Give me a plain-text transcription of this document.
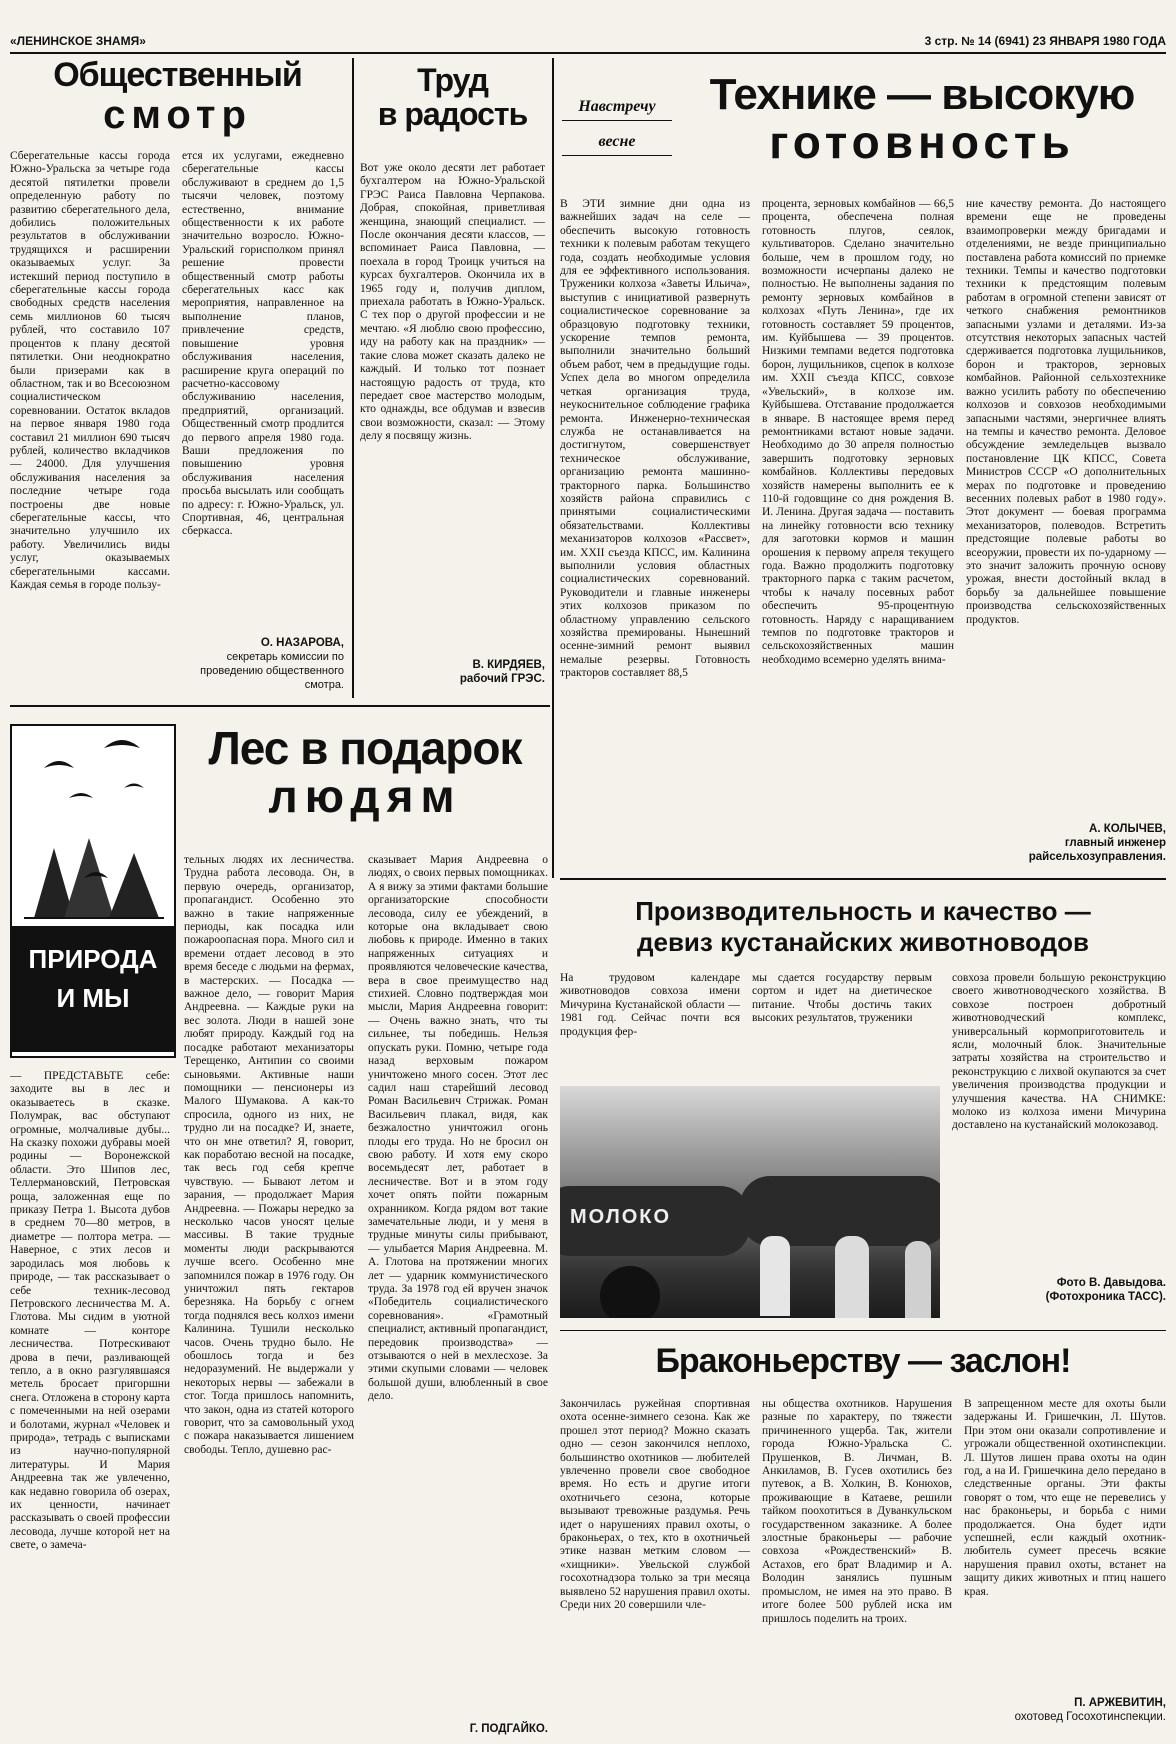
«ЛЕНИНСКОЕ ЗНАМЯ»	3 стр. № 14 (6941) 23 ЯНВАРЯ 1980 ГОДА
Общественный
смотр
Сберегательные кассы города Южно-Уральска за четыре года десятой пятилетки провели определенную работу по развитию сберегательного дела, добились положительных результатов в обслуживании трудящихся и расширении оказываемых услуг. За истекший период поступило в сберегательные кассы города свободных средств населения семь миллионов 60 тысяч рублей, что составило 107 процентов к плану десятой пятилетки. Они неоднократно были призерами как в областном, так и во Всесоюзном социалистическом соревновании. Остаток вкладов на первое января 1980 года составил 21 миллион 690 тысяч рублей, количество вкладчиков — 24000. Для улучшения обслуживания населения за последние четыре года построены две новые сберегательные кассы, что значительно улучшило их работу. Увеличились виды услуг, оказываемых сберегательными кассами. Каждая семья в городе пользу-
ется их услугами, ежедневно сберегательные кассы обслуживают в среднем до 1,5 тысячи человек, поэтому естественно, внимание общественности к их работе значительно возросло. Южно-Уральский горисполком принял решение провести общественный смотр работы сберегательных касс как мероприятия, направленное на выполнение планов, привлечение средств, повышение уровня обслуживания населения, расширение круга операций по расчетно-кассовому обслуживанию населения, предприятий, организаций. Общественный смотр продлится до первого апреля 1980 года. Ваши предложения по повышению уровня обслуживания населения просьба высылать или сообщать по адресу: г. Южно-Уральск, ул. Спортивная, 46, центральная сберкасса.
О. НАЗАРОВА,
секретарь комиссии по проведению общественного смотра.
Труд
в радость
Вот уже около десяти лет работает бухгалтером на Южно-Уральской ГРЭС Раиса Павловна Черпакова. Добрая, спокойная, приветливая женщина, знающий специалист. — После окончания десяти классов, — вспоминает Раиса Павловна, — поехала в город Троицк учиться на курсах бухгалтеров. Окончила их в 1965 году и, получив диплом, приехала работать в Южно-Уральск. С тех пор о другой профессии и не мечтаю. «Я люблю свою профессию, иду на работу как на праздник» — такие слова может сказать далеко не каждый. И только тот познает настоящую радость от труда, кто передает свое мастерство молодым, кто однажды, все обдумав и взвесив свои возможности, сказал: — Этому делу я посвящу жизнь.
В. КИРДЯЕВ,
рабочий ГРЭС.
Навстречу
весне
Технике — высокую
готовность
В ЭТИ зимние дни одна из важнейших задач на селе — обеспечить высокую готовность техники к полевым работам текущего года, создать необходимые условия для ее эффективного использования. Труженики колхоза «Заветы Ильича», выступив с инициативой развернуть социалистическое соревнование за образцовую подготовку техники, ускорение темпов ремонта, выполнили значительно больший объем работ, чем в предыдущие годы. Успех дела во многом определила четкая организация труда, неукоснительное соблюдение графика ремонта. Инженерно-техническая служба не останавливается на достигнутом, совершенствует техническое обслуживание, организацию ремонта машинно-тракторного парка. Большинство хозяйств района справились с принятыми социалистическими обязательствами. Коллективы механизаторов колхозов «Рассвет», им. XXII съезда КПСС, им. Калинина выполнили условия областных социалистических соревнований. Руководители и главные инженеры этих колхозов приказом по областному управлению сельского хозяйства премированы. Нынешний осенне-зимний ремонт выявил немалые резервы. Готовность тракторов составляет 88,5
процента, зерновых комбайнов — 66,5 процента, обеспечена полная готовность плугов, сеялок, культиваторов. Сделано значительно больше, чем в прошлом году, но возможности исчерпаны далеко не полностью. Не выполнены задания по ремонту зерновых комбайнов в колхозах «Путь Ленина», где их готовность составляет 59 процентов, им. Куйбышева — 39 процентов. Низкими темпами ведется подготовка борон, лущильников, сцепок в колхозе им. XXII съезда КПСС, совхозе «Увельский», в колхозе им. Куйбышева. Отставание продолжается в январе. В настоящее время перед ремонтниками встают новые задачи. Необходимо до 30 апреля полностью завершить подготовку зерновых комбайнов. Коллективы передовых хозяйств намерены выполнить ее к 110-й годовщине со дня рождения В. И. Ленина. Другая задача — поставить на линейку готовности всю технику для заготовки кормов и машин орошения к первому апреля текущего года. Важно продолжить подготовку тракторного парка с таким расчетом, чтобы к началу посевных работ обеспечить 95-процентную готовность. Наряду с наращиванием темпов по подготовке тракторов и сельскохозяйственных машин необходимо всемерно уделять внима-
ние качеству ремонта. До настоящего времени еще не проведены взаимопроверки между бригадами и отделениями, не везде принципиально поставлена работа комиссий по приемке техники. Темпы и качество подготовки техники к предстоящим полевым работам в огромной степени зависят от четкого снабжения ремонтников запасными узлами и деталями. Из-за отсутствия некоторых запасных частей сдерживается подготовка лущильников, борон и тракторов, зерновых комбайнов. Районной сельхозтехнике важно усилить работу по обеспечению колхозов и совхозов необходимыми запасными частями, энергичнее влиять на темпы и качество ремонта. Деловое обсуждение земледельцев вызвало постановление ЦК КПСС, Совета Министров СССР «О дополнительных мерах по подготовке и проведению весенних полевых работ в 1980 году». Этот документ — боевая программа механизаторов, полеводов. Встретить предстоящие полевые работы во всеоружии, провести их по-ударному — это значит заложить прочную основу урожая, внести достойный вклад в борьбу за дальнейшее повышение производства сельскохозяйственных продуктов.
А. КОЛЫЧЕВ,
главный инженер райсельхозуправления.
ПРИРОДА
И МЫ
Лес в подарок
людям
— ПРЕДСТАВЬТЕ себе: заходите вы в лес и оказываетесь в сказке. Полумрак, вас обступают огромные, молчаливые дубы... На сказку похожи дубравы моей родины — Воронежской области. Это Шипов лес, Теллермановский, Петровская роща, заложенная еще по приказу Петра 1. Высота дубов в среднем 70—80 метров, в диаметре — полтора метра. — Наверное, с этих лесов и зародилась моя любовь к природе, — так рассказывает о себе техник-лесовод Петровского лесничества М. А. Глотова. Мы сидим в уютной комнате — конторе лесничества. Потрескивают дрова в печи, разливающей тепло, а в окно разгулявшаяся метель бросает пригоршни снега. Отложена в сторону карта с помеченными на ней озерами и болотами, журнал «Человек и природа», тетрадь с выписками из научно-популярной литературы. И Мария Андреевна так же увлеченно, как недавно говорила об озерах, их ценности, начинает рассказывать о своей профессии лесовода, лучше которой нет на свете, о замеча-
тельных людях их лесничества. Трудна работа лесовода. Он, в первую очередь, организатор, пропагандист. Особенно это важно в такие напряженные периоды, как посадка или пожароопасная пора. Много сил и времени отдает лесовод в это время беседе с людьми на фермах, в мастерских. — Посадка — важное дело, — говорит Мария Андреевна. — Каждые руки на вес золота. Люди в нашей зоне любят природу. Каждый год на посадке работают механизаторы Терещенко, Антипин со своими сыновьями. Активные наши помощники — пенсионеры из Малого Шумакова. А как-то спросила, одного из них, не трудно ли на посадке? И, знаете, что он мне ответил? Я, говорит, как поработаю весной на посадке, так весь год себя крепче чувствую. — Бывают летом и зарания, — продолжает Мария Андреевна. — Пожары нередко за несколько часов уносят целые массивы. В такие трудные моменты люди раскрываются лучше всего. Особенно мне запомнился пожар в 1976 году. Он уничтожил пять гектаров березняка. На борьбу с огнем тогда поднялся весь колхоз имени Калинина. Тушили несколько часов. Очень трудно было. Не обошлось тогда и без недоразумений. Не выдержали у некоторых нервы — забежали в стог. Тогда пришлось напомнить, что закон, одна из статей которого говорит, что за самовольный уход с пожара наказывается лишением свободы. Тепло, душевно рас-
сказывает Мария Андреевна о людях, о своих первых помощниках. А я вижу за этими фактами большие организаторские способности лесовода, силу ее убеждений, в которые она вкладывает свою любовь к природе. Именно в таких напряженных ситуациях и проявляются человеческие качества, вера в свое преимущество над стихией. Словно подтверждая мои мысли, Мария Андреевна говорит: — Очень важно знать, что ты сильнее, ты победишь. Нельзя опускать руки. Помню, четыре года назад верховым пожаром уничтожено много сосен. Этот лес садил наш старейший лесовод Роман Васильевич Стрижак. Роман Васильевич плакал, видя, как безжалостно уничтожил огонь плоды его труда. Но не бросил он свою работу. И хотя ему скоро восемьдесят лет, работает в лесничестве. Вот и в этом году хочет опять пойти пожарным охранником. Когда рядом вот такие замечательные люди, и у меня в трудные минуты силы прибывают, — улыбается Мария Андреевна. М. А. Глотова на протяжении многих лет — ударник коммунистического труда. За 1978 год ей вручен значок «Победитель социалистического соревнования». «Грамотный специалист, активный пропагандист, передовик производства» — отзываются о ней в мехлесхозе. За этими скупыми словами — человек большой души, влюбленный в свое дело.
Г. ПОДГАЙКО.
Производительность и качество —
девиз кустанайских животноводов
На трудовом календаре животноводов совхоза имени Мичурина Кустанайской области — 1981 год. Сейчас почти вся продукция фер-
мы сдается государству первым сортом и идет на диетическое питание. Чтобы достичь таких высоких результатов, труженики
МОЛОКО
совхоза провели большую реконструкцию своего животноводческого хозяйства. В совхозе построен добротный животноводческий комплекс, универсальный кормоприготовитель и ясли, молочный блок. Значительные затраты хозяйства на строительство и реконструкцию с лихвой окупаются за счет увеличения производства продукции и улучшения качества. НА СНИМКЕ: молоко из колхоза имени Мичурина доставлено на кустанайский молокозавод.
Фото В. Давыдова.
(Фотохроника ТАСС).
Браконьерству — заслон!
Закончилась ружейная спортивная охота осенне-зимнего сезона. Как же прошел этот период? Можно сказать одно — сезон закончился неплохо, большинство охотников — любителей увлеченно провели свое свободное время. Но есть и другие итоги охотничьего сезона, которые вызывают тревожные раздумья. Речь идет о нарушениях правил охоты, о браконьерах, о тех, кто в охотничьей этике назван метким словом — «хищники». Увельской службой госохотнадзора только за три месяца выявлено 52 нарушения правил охоты. Среди них 20 совершили чле-
ны общества охотников. Нарушения разные по характеру, по тяжести причиненного ущерба. Так, жители города Южно-Уральска С. Прушенков, В. Личман, В. Анкиламов, В. Гусев охотились без путевок, а В. Холкин, В. Конюхов, проживающие в Катаеве, решили тайком поохотиться в Дуванкульском государственном заказнике. А более злостные браконьеры — рабочие совхоза «Рождественский» В. Астахов, его брат Владимир и А. Володин занялись пушным промыслом, не имея на это право. В итоге более 500 рублей иска им пришлось поделить на троих.
В запрещенном месте для охоты были задержаны И. Гришечкин, Л. Шутов. При этом они оказали сопротивление и угрожали общественной охотинспекции. Л. Шутов лишен права охоты на один год, а на И. Гришечкина дело передано в следственные органы. Эти факты говорят о том, что еще не перевелись у нас браконьеры, и борьба с ними продолжается. Она будет идти успешней, если каждый охотник-любитель сумеет пресечь всякие нарушения правил охоты, встанет на защиту диких животных и птиц нашего края.
П. АРЖЕВИТИН,
охотовед Госохотинспекции.
